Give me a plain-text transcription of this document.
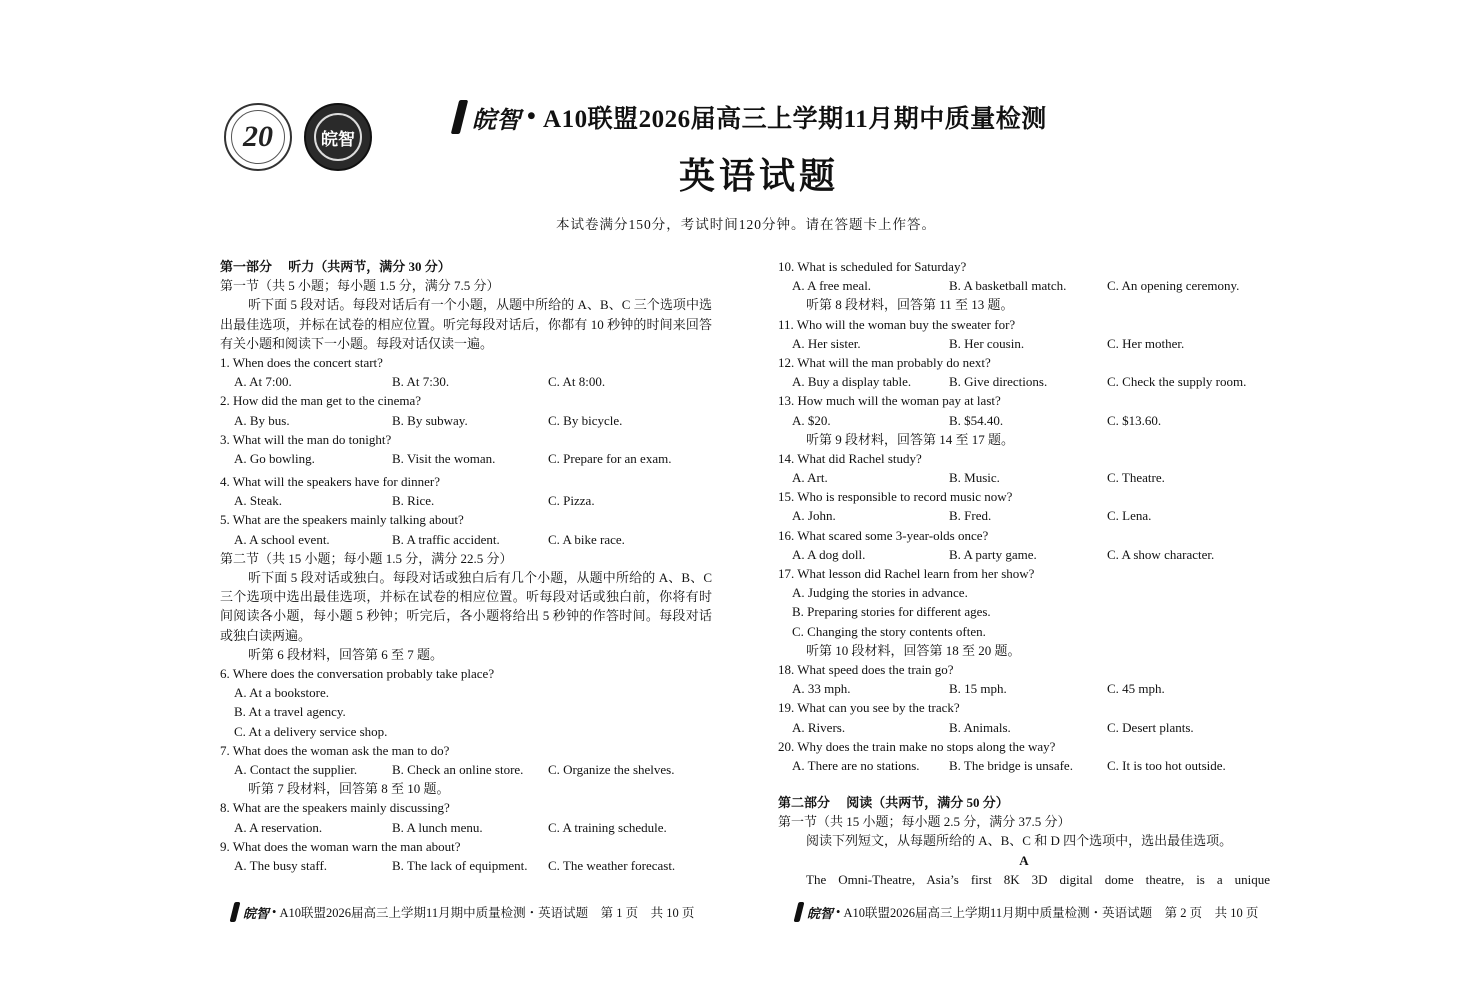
20	皖智
皖智 • A10联盟2026届高三上学期11月期中质量检测
英语试题
本试卷满分150分，考试时间120分钟。请在答题卡上作答。
第一部分　 听力（共两节，满分 30 分）
第一节（共 5 小题；每小题 1.5 分，满分 7.5 分）
听下面 5 段对话。每段对话后有一个小题，从题中所给的 A、B、C 三个选项中选出最佳选项，并标在试卷的相应位置。听完每段对话后，你都有 10 秒钟的时间来回答有关小题和阅读下一小题。每段对话仅读一遍。
1. When does the concert start?
A. At 7:00.	B. At 7:30.	C. At 8:00.
2. How did the man get to the cinema?
A. By bus.	B. By subway.	C. By bicycle.
3. What will the man do tonight?
A. Go bowling.	B. Visit the woman.	C. Prepare for an exam.
4. What will the speakers have for dinner?
A. Steak.	B. Rice.	C. Pizza.
5. What are the speakers mainly talking about?
A. A school event.	B. A traffic accident.	C. A bike race.
第二节（共 15 小题；每小题 1.5 分，满分 22.5 分）
听下面 5 段对话或独白。每段对话或独白后有几个小题，从题中所给的 A、B、C 三个选项中选出最佳选项，并标在试卷的相应位置。听每段对话或独白前，你将有时间阅读各小题，每小题 5 秒钟；听完后，各小题将给出 5 秒钟的作答时间。每段对话或独白读两遍。
听第 6 段材料，回答第 6 至 7 题。
6. Where does the conversation probably take place?
A. At a bookstore.
B. At a travel agency.
C. At a delivery service shop.
7. What does the woman ask the man to do?
A. Contact the supplier.	B. Check an online store.	C. Organize the shelves.
听第 7 段材料，回答第 8 至 10 题。
8. What are the speakers mainly discussing?
A. A reservation.	B. A lunch menu.	C. A training schedule.
9. What does the woman warn the man about?
A. The busy staff.	B. The lack of equipment.	C. The weather forecast.
10. What is scheduled for Saturday?
A. A free meal.	B. A basketball match.	C. An opening ceremony.
听第 8 段材料，回答第 11 至 13 题。
11. Who will the woman buy the sweater for?
A. Her sister.	B. Her cousin.	C. Her mother.
12. What will the man probably do next?
A. Buy a display table.	B. Give directions.	C. Check the supply room.
13. How much will the woman pay at last?
A. $20.	B. $54.40.	C. $13.60.
听第 9 段材料，回答第 14 至 17 题。
14. What did Rachel study?
A. Art.	B. Music.	C. Theatre.
15. Who is responsible to record music now?
A. John.	B. Fred.	C. Lena.
16. What scared some 3-year-olds once?
A. A dog doll.	B. A party game.	C. A show character.
17. What lesson did Rachel learn from her show?
A. Judging the stories in advance.
B. Preparing stories for different ages.
C. Changing the story contents often.
听第 10 段材料，回答第 18 至 20 题。
18. What speed does the train go?
A. 33 mph.	B. 15 mph.	C. 45 mph.
19. What can you see by the track?
A. Rivers.	B. Animals.	C. Desert plants.
20. Why does the train make no stops along the way?
A. There are no stations.	B. The bridge is unsafe.	C. It is too hot outside.
第二部分　 阅读（共两节，满分 50 分）
第一节（共 15 小题；每小题 2.5 分，满分 37.5 分）
阅读下列短文，从每题所给的 A、B、C 和 D 四个选项中，选出最佳选项。
A
The Omni-Theatre, Asia’s first 8K 3D digital dome theatre, is a unique
皖智 • A10联盟2026届高三上学期11月期中质量检测・英语试题　第 1 页　共 10 页	皖智 • A10联盟2026届高三上学期11月期中质量检测・英语试题　第 2 页　共 10 页
